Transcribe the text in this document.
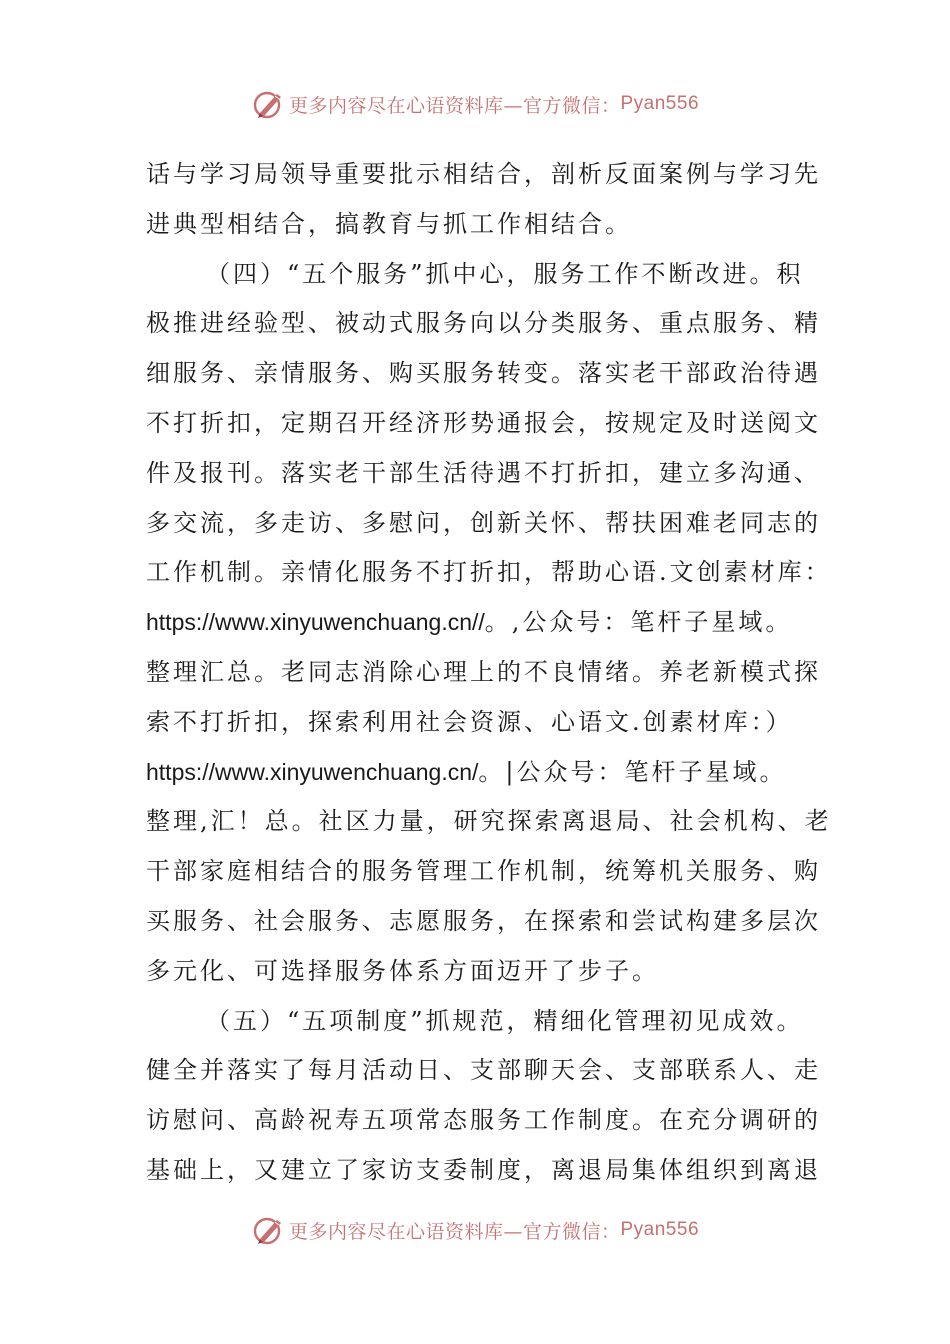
更多内容尽在心语资料库—官方微信： Pyan556
话与学习局领导重要批示相结合，剖析反面案例与学习先
进典型相结合，搞教育与抓工作相结合。
（四）“五个服务”抓中心，服务工作不断改进。积
极推进经验型、被动式服务向以分类服务、重点服务、精
细服务、亲情服务、购买服务转变。落实老干部政治待遇
不打折扣，定期召开经济形势通报会，按规定及时送阅文
件及报刊。落实老干部生活待遇不打折扣，建立多沟通、
多交流，多走访、多慰问，创新关怀、帮扶困难老同志的
工作机制。亲情化服务不打折扣，帮助心语.文创素材库：
https://www.xinyuwenchuang.cn//。,公众号：笔杆子星域。
整理汇总。老同志消除心理上的不良情绪。养老新模式探
索不打折扣，探索利用社会资源、心语文.创素材库：）
https://www.xinyuwenchuang.cn/。|公众号：笔杆子星域。
整理,汇！总。社区力量，研究探索离退局、社会机构、老
干部家庭相结合的服务管理工作机制，统筹机关服务、购
买服务、社会服务、志愿服务，在探索和尝试构建多层次
多元化、可选择服务体系方面迈开了步子。
（五）“五项制度”抓规范，精细化管理初见成效。
健全并落实了每月活动日、支部聊天会、支部联系人、走
访慰问、高龄祝寿五项常态服务工作制度。在充分调研的
基础上，又建立了家访支委制度，离退局集体组织到离退
更多内容尽在心语资料库—官方微信： Pyan556
